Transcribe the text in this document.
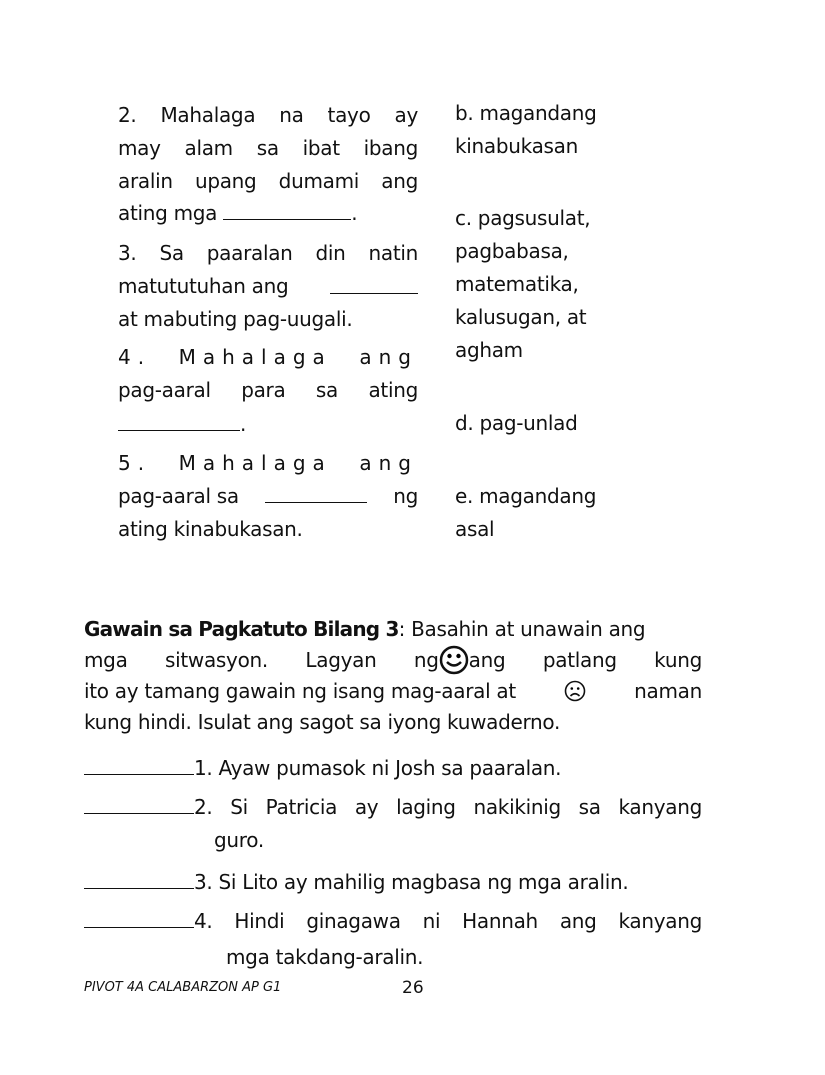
2. Mahalaga na tayo ay
may alam sa ibat ibang
aralin upang dumami ang
ating mga	.
3. Sa paaralan din natin
matututuhan ang
at mabuting pag-uugali.
4. Mahalaga ang
pag-aaral para sa ating
.
5. Mahalaga ang
pag-aaral sa	ng
ating kinabukasan.
b. magandang
kinabukasan
c. pagsusulat,
pagbabasa,
matematika,
kalusugan, at
agham
d. pag-unlad
e. magandang
asal
Gawain sa Pagkatuto Bilang 3: Basahin at unawain ang
mga sitwasyon. Lagyan ng ang patlang kung
ito ay tamang gawain ng isang mag-aaral at	naman
kung hindi. Isulat ang sagot sa iyong kuwaderno.
1. Ayaw pumasok ni Josh sa paaralan.
2. Si Patricia ay laging nakikinig sa kanyang
guro.
3. Si Lito ay mahilig magbasa ng mga aralin.
4. Hindi ginagawa ni Hannah ang kanyang
mga takdang-aralin.
PIVOT 4A CALABARZON AP G1	26
